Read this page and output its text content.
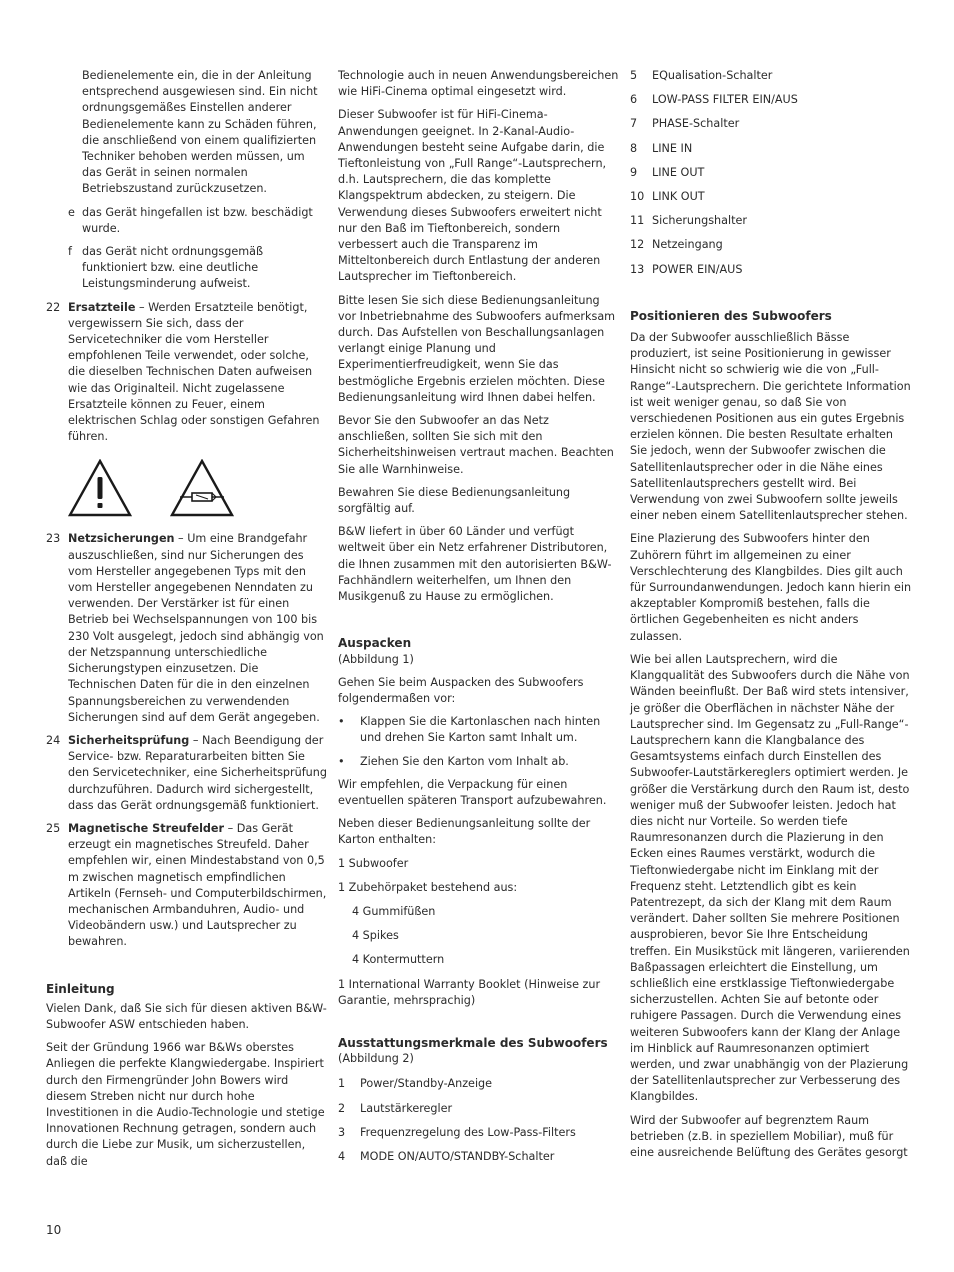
Bedienelemente ein, die in der Anleitung entsprechend ausgewiesen sind. Ein nicht ordnungsgemäßes Einstellen anderer Bedienelemente kann zu Schäden führen, die anschließend von einem qualifizierten Techniker behoben werden müssen, um das Gerät in seinen normalen Betriebszustand zurückzusetzen.

e das Gerät hingefallen ist bzw. beschädigt wurde.
f das Gerät nicht ordnungsgemäß funktioniert bzw. eine deutliche Leistungsminderung aufweist.
22 Ersatzteile – Werden Ersatzteile benötigt, vergewissern Sie sich, dass der Servicetechniker die vom Hersteller empfohlenen Teile verwendet, oder solche, die dieselben Technischen Daten aufweisen wie das Originalteil. Nicht zugelassene Ersatzteile können zu Feuer, einem elektrischen Schlag oder sonstigen Gefahren führen.
23 Netzsicherungen – Um eine Brandgefahr auszuschließen, sind nur Sicherungen des vom Hersteller angegebenen Typs mit den vom Hersteller angegebenen Nenndaten zu verwenden. Der Verstärker ist für einen Betrieb bei Wechselspannungen von 100 bis 230 Volt ausgelegt, jedoch sind abhängig von der Netzspannung unterschiedliche Sicherungstypen einzusetzen. Die Technischen Daten für die in den einzelnen Spannungsbereichen zu verwendenden Sicherungen sind auf dem Gerät angegeben.
24 Sicherheitsprüfung – Nach Beendigung der Service- bzw. Reparaturarbeiten bitten Sie den Servicetechniker, eine Sicherheitsprüfung durchzuführen. Dadurch wird sichergestellt, dass das Gerät ordnungsgemäß funktioniert.
25 Magnetische Streufelder – Das Gerät erzeugt ein magnetisches Streufeld. Daher empfehlen wir, einen Mindestabstand von 0,5 m zwischen magnetisch empfindlichen Artikeln (Fernseh- und Computerbildschirmen, mechanischen Armbanduhren, Audio- und Videobändern usw.) und Lautsprecher zu bewahren.
Einleitung

Vielen Dank, daß Sie sich für diesen aktiven B&W-Subwoofer ASW entschieden haben.

Seit der Gründung 1966 war B&Ws oberstes Anliegen die perfekte Klangwiedergabe. Inspiriert durch den Firmengründer John Bowers wird diesem Streben nicht nur durch hohe Investitionen in die Audio-Technologie und stetige Innovationen Rechnung getragen, sondern auch durch die Liebe zur Musik, um sicherzustellen, daß die

Technologie auch in neuen Anwendungsbereichen wie HiFi-Cinema optimal eingesetzt wird.

Dieser Subwoofer ist für HiFi-Cinema-Anwendungen geeignet. In 2-Kanal-Audio-Anwendungen besteht seine Aufgabe darin, die Tieftonleistung von „Full Range“-Lautsprechern, d.h. Lautsprechern, die das komplette Klangspektrum abdecken, zu steigern. Die Verwendung dieses Subwoofers erweitert nicht nur den Baß im Tieftonbereich, sondern verbessert auch die Transparenz im Mitteltonbereich durch Entlastung der anderen Lautsprecher im Tieftonbereich.

Bitte lesen Sie sich diese Bedienungsanleitung vor Inbetriebnahme des Subwoofers aufmerksam durch. Das Aufstellen von Beschallungsanlagen verlangt einige Planung und Experimentierfreudigkeit, wenn Sie das bestmögliche Ergebnis erzielen möchten. Diese Bedienungsanleitung wird Ihnen dabei helfen.

Bevor Sie den Subwoofer an das Netz anschließen, sollten Sie sich mit den Sicherheitshinweisen vertraut machen. Beachten Sie alle Warnhinweise.

Bewahren Sie diese Bedienungsanleitung sorgfältig auf.

B&W liefert in über 60 Länder und verfügt weltweit über ein Netz erfahrener Distributoren, die Ihnen zusammen mit den autorisierten B&W-Fachhändlern weiterhelfen, um Ihnen den Musikgenuß zu Hause zu ermöglichen.

Auspacken

(Abbildung 1)

Gehen Sie beim Auspacken des Subwoofers folgendermaßen vor:

•	Klappen Sie die Kartonlaschen nach hinten und drehen Sie Karton samt Inhalt um.
•	Ziehen Sie den Karton vom Inhalt ab.

Wir empfehlen, die Verpackung für einen eventuellen späteren Transport aufzubewahren.

Neben dieser Bedienungsanleitung sollte der Karton enthalten:

1 Subwoofer

1 Zubehörpaket bestehend aus:

4 Gummifüßen

4 Spikes

4 Kontermuttern

1 International Warranty Booklet (Hinweise zur Garantie, mehrsprachig)

Ausstattungsmerkmale des Subwoofers

(Abbildung 2)

1	Power/Standby-Anzeige
2	Lautstärkeregler
3	Frequenzregelung des Low-Pass-Filters
4	MODE ON/AUTO/STANDBY-Schalter
5	EQualisation-Schalter
6	LOW-PASS FILTER EIN/AUS
7	PHASE-Schalter
8	LINE IN
9	LINE OUT
10 LINK OUT
11 Sicherungshalter
12 Netzeingang
13 POWER EIN/AUS
Positionieren des Subwoofers

Da der Subwoofer ausschließlich Bässe produziert, ist seine Positionierung in gewisser Hinsicht nicht so schwierig wie die von „Full-Range“-Lautsprechern. Die gerichtete Information ist weit weniger genau, so daß Sie von verschiedenen Positionen aus ein gutes Ergebnis erzielen können. Die besten Resultate erhalten Sie jedoch, wenn der Subwoofer zwischen die Satellitenlautsprecher oder in die Nähe eines Satellitenlautsprechers gestellt wird. Bei Verwendung von zwei Subwoofern sollte jeweils einer neben einem Satellitenlautsprecher stehen.

Eine Plazierung des Subwoofers hinter den Zuhörern führt im allgemeinen zu einer Verschlechterung des Klangbildes. Dies gilt auch für Surroundanwendungen. Jedoch kann hierin ein akzeptabler Kompromiß bestehen, falls die örtlichen Gegebenheiten es nicht anders zulassen.

Wie bei allen Lautsprechern, wird die Klangqualität des Subwoofers durch die Nähe von Wänden beeinflußt. Der Baß wird stets intensiver, je größer die Oberflächen in nächster Nähe der Lautsprecher sind. Im Gegensatz zu „Full-Range“-Lautsprechern kann die Klangbalance des Gesamtsystems einfach durch Einstellen des Subwoofer-Lautstärkereglers optimiert werden. Je größer die Verstärkung durch den Raum ist, desto weniger muß der Subwoofer leisten. Jedoch hat dies nicht nur Vorteile. So werden tiefe Raumresonanzen durch die Plazierung in den Ecken eines Raumes verstärkt, wodurch die Tieftonwiedergabe nicht im Einklang mit der Frequenz steht. Letztendlich gibt es kein Patentrezept, da sich der Klang mit dem Raum verändert. Daher sollten Sie mehrere Positionen ausprobieren, bevor Sie Ihre Entscheidung treffen. Ein Musikstück mit längeren, variierenden Baßpassagen erleichtert die Einstellung, um schließlich eine erstklassige Tieftonwiedergabe sicherzustellen. Achten Sie auf betonte oder ruhigere Passagen. Durch die Verwendung eines weiteren Subwoofers kann der Klang der Anlage im Hinblick auf Raumresonanzen optimiert werden, und zwar unabhängig von der Plazierung der Satellitenlautsprecher zur Verbesserung des Klangbildes.

Wird der Subwoofer auf begrenztem Raum betrieben (z.B. in speziellem Mobiliar), muß für eine ausreichende Belüftung des Gerätes gesorgt

10
